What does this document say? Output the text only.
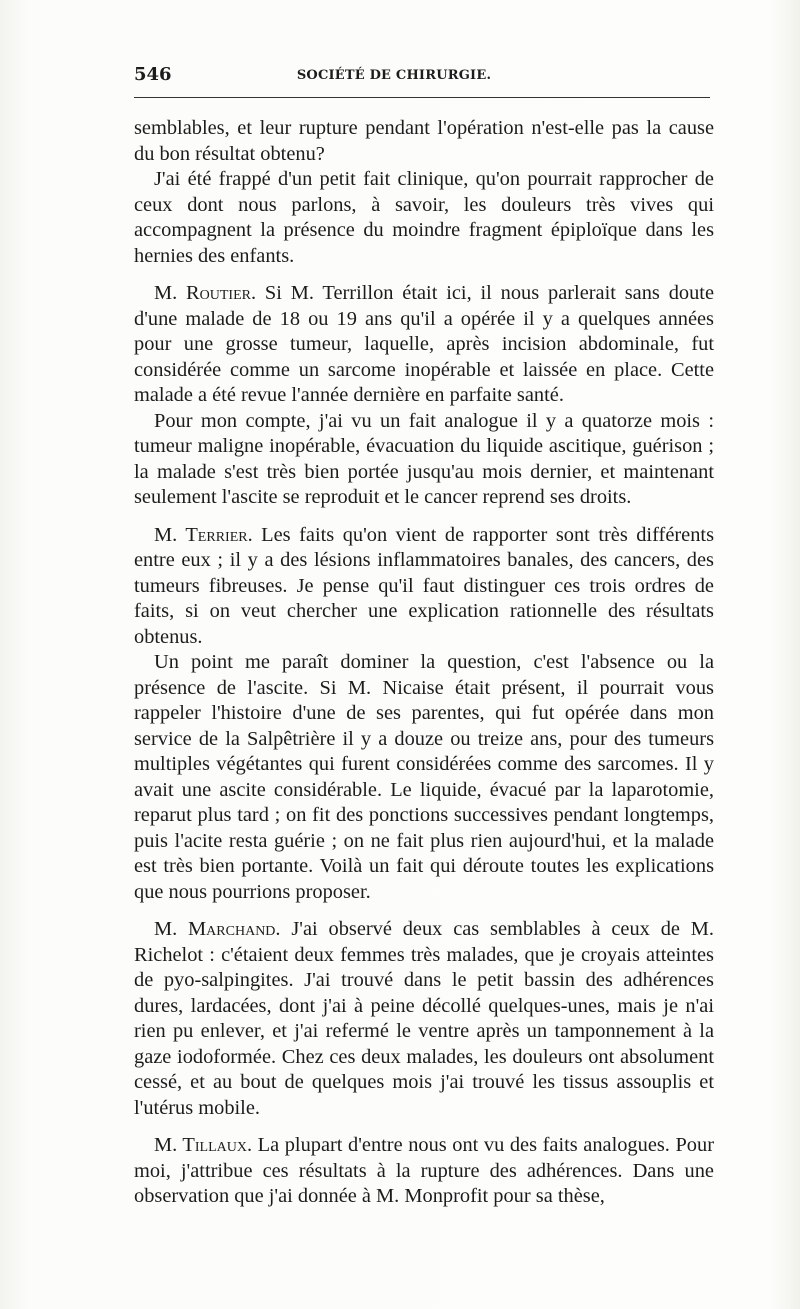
546	SOCIÉTÉ DE CHIRURGIE.

semblables, et leur rupture pendant l'opération n'est-elle pas la cause du bon résultat obtenu?

J'ai été frappé d'un petit fait clinique, qu'on pourrait rapprocher de ceux dont nous parlons, à savoir, les douleurs très vives qui accompagnent la présence du moindre fragment épiploïque dans les hernies des enfants.

M. Routier. Si M. Terrillon était ici, il nous parlerait sans doute d'une malade de 18 ou 19 ans qu'il a opérée il y a quelques années pour une grosse tumeur, laquelle, après incision abdominale, fut considérée comme un sarcome inopérable et laissée en place. Cette malade a été revue l'année dernière en parfaite santé.

Pour mon compte, j'ai vu un fait analogue il y a quatorze mois : tumeur maligne inopérable, évacuation du liquide ascitique, guérison ; la malade s'est très bien portée jusqu'au mois dernier, et maintenant seulement l'ascite se reproduit et le cancer reprend ses droits.

M. Terrier. Les faits qu'on vient de rapporter sont très différents entre eux ; il y a des lésions inflammatoires banales, des cancers, des tumeurs fibreuses. Je pense qu'il faut distinguer ces trois ordres de faits, si on veut chercher une explication rationnelle des résultats obtenus.

Un point me paraît dominer la question, c'est l'absence ou la présence de l'ascite. Si M. Nicaise était présent, il pourrait vous rappeler l'histoire d'une de ses parentes, qui fut opérée dans mon service de la Salpêtrière il y a douze ou treize ans, pour des tumeurs multiples végétantes qui furent considérées comme des sarcomes. Il y avait une ascite considérable. Le liquide, évacué par la laparotomie, reparut plus tard ; on fit des ponctions successives pendant longtemps, puis l'acite resta guérie ; on ne fait plus rien aujourd'hui, et la malade est très bien portante. Voilà un fait qui déroute toutes les explications que nous pourrions proposer.

M. Marchand. J'ai observé deux cas semblables à ceux de M. Richelot : c'étaient deux femmes très malades, que je croyais atteintes de pyo-salpingites. J'ai trouvé dans le petit bassin des adhérences dures, lardacées, dont j'ai à peine décollé quelques-unes, mais je n'ai rien pu enlever, et j'ai refermé le ventre après un tamponnement à la gaze iodoformée. Chez ces deux malades, les douleurs ont absolument cessé, et au bout de quelques mois j'ai trouvé les tissus assouplis et l'utérus mobile.

M. Tillaux. La plupart d'entre nous ont vu des faits analogues. Pour moi, j'attribue ces résultats à la rupture des adhérences. Dans une observation que j'ai donnée à M. Monprofit pour sa thèse,
